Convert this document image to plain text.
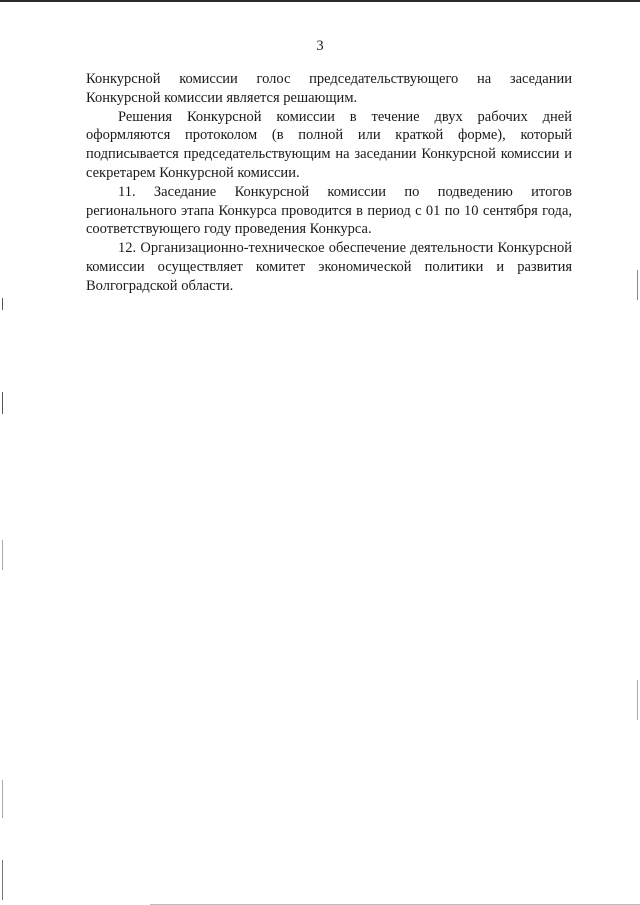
3

Конкурсной комиссии голос председательствующего на заседании Конкурсной комиссии является решающим.

Решения Конкурсной комиссии в течение двух рабочих дней оформляются протоколом (в полной или краткой форме), который подписывается председательствующим на заседании Конкурсной комиссии и секретарем Конкурсной комиссии.

11. Заседание Конкурсной комиссии по подведению итогов регионального этапа Конкурса проводится в период с 01 по 10 сентября года, соответствующего году проведения Конкурса.

12. Организационно-техническое обеспечение деятельности Конкурсной комиссии осуществляет комитет экономической политики и развития Волгоградской области.
